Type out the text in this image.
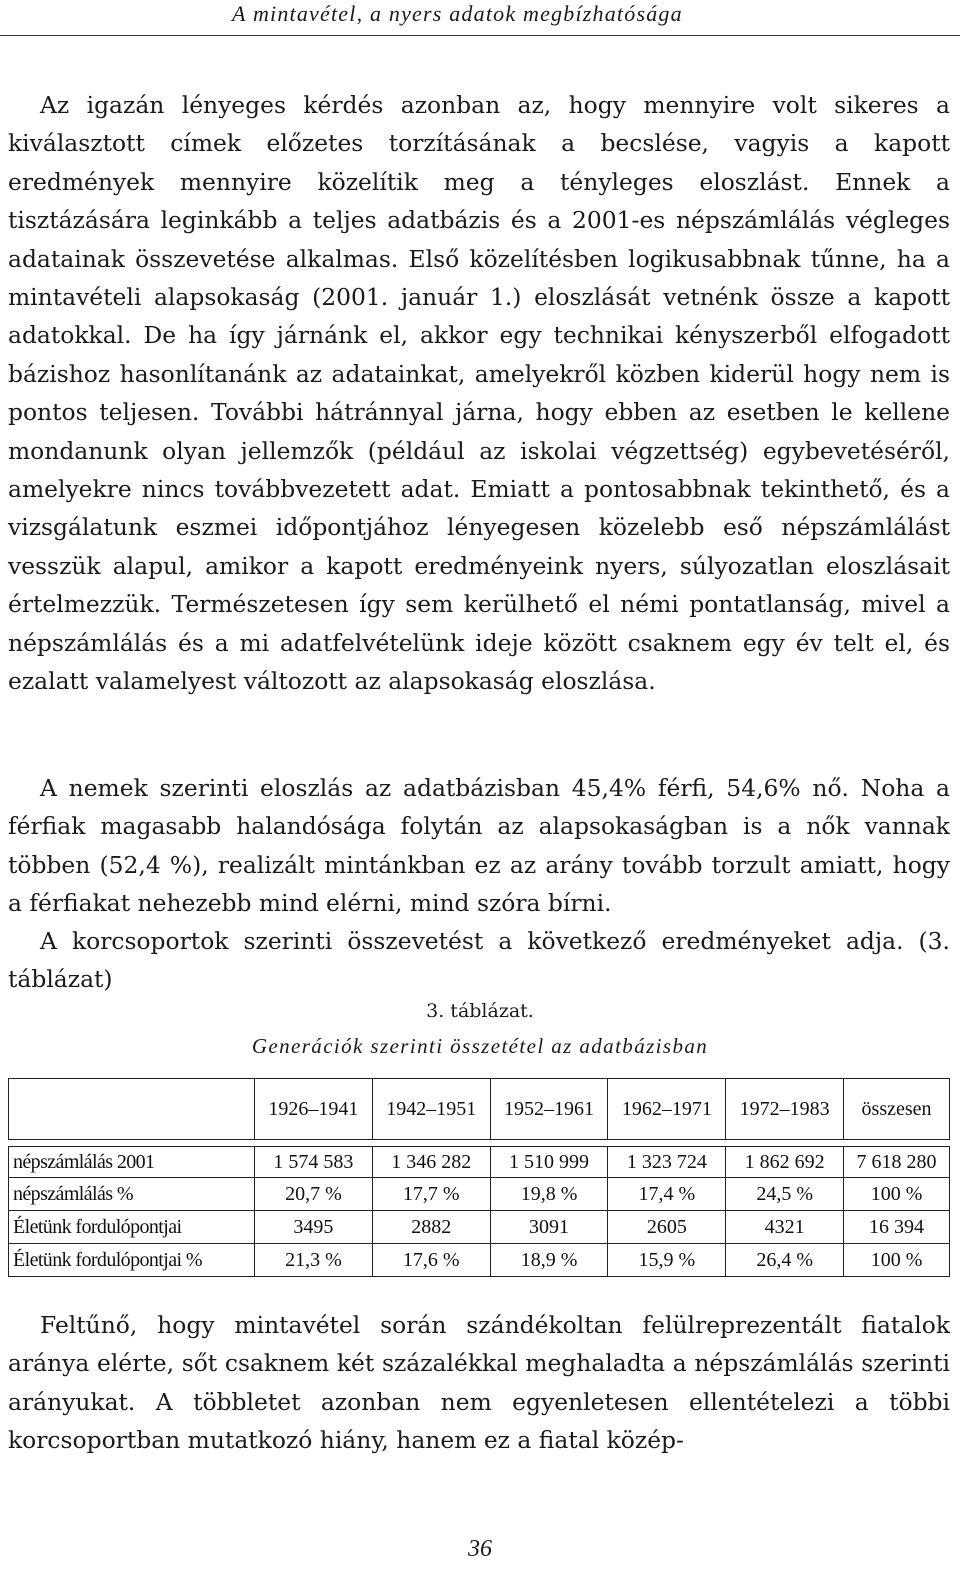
A mintavétel, a nyers adatok megbízhatósága

Az igazán lényeges kérdés azonban az, hogy mennyire volt sikeres a kiválasztott címek előzetes torzításának a becslése, vagyis a kapott eredmények mennyire közelítik meg a tényleges eloszlást. Ennek a tisztázására leginkább a teljes adatbázis és a 2001-es népszámlálás végleges adatainak összevetése alkalmas. Első közelítésben logikusabbnak tűnne, ha a mintavételi alapsokaság (2001. január 1.) eloszlását vetnénk össze a kapott adatokkal. De ha így járnánk el, akkor egy technikai kényszerből elfogadott bázishoz hasonlítanánk az adatainkat, amelyekről közben kiderül hogy nem is pontos teljesen. További hátránnyal járna, hogy ebben az esetben le kellene mondanunk olyan jellemzők (például az iskolai végzettség) egybevetéséről, amelyekre nincs továbbvezetett adat. Emiatt a pontosabbnak tekinthető, és a vizsgálatunk eszmei időpontjához lényegesen közelebb eső népszámlálást vesszük alapul, amikor a kapott eredményeink nyers, súlyozatlan eloszlásait értelmezzük. Természetesen így sem kerülhető el némi pontatlanság, mivel a népszámlálás és a mi adatfelvételünk ideje között csaknem egy év telt el, és ezalatt valamelyest változott az alapsokaság eloszlása.

A nemek szerinti eloszlás az adatbázisban 45,4% férfi, 54,6% nő. Noha a férfiak magasabb halandósága folytán az alapsokaságban is a nők vannak többen (52,4 %), realizált mintánkban ez az arány tovább torzult amiatt, hogy a férfiakat nehezebb mind elérni, mind szóra bírni.

A korcsoportok szerinti összevetést a következő eredményeket adja. (3. táblázat)

3. táblázat.
Generációk szerinti összetétel az adatbázisban
	1926–1941	1942–1951	1952–1961	1962–1971	1972–1983	összesen

népszámlálás 2001	1 574 583	1 346 282	1 510 999	1 323 724	1 862 692	7 618 280
népszámlálás %	20,7 %	17,7 %	19,8 %	17,4 %	24,5 %	100 %
Életünk fordulópontjai	3495	2882	3091	2605	4321	16 394
Életünk fordulópontjai %	21,3 %	17,6 %	18,9 %	15,9 %	26,4 %	100 %

Feltűnő, hogy mintavétel során szándékoltan felülreprezentált fiatalok aránya elérte, sőt csaknem két százalékkal meghaladta a népszámlálás szerinti arányukat. A többletet azonban nem egyenletesen ellentételezi a többi korcsoportban mutatkozó hiány, hanem ez a fiatal közép-

36
